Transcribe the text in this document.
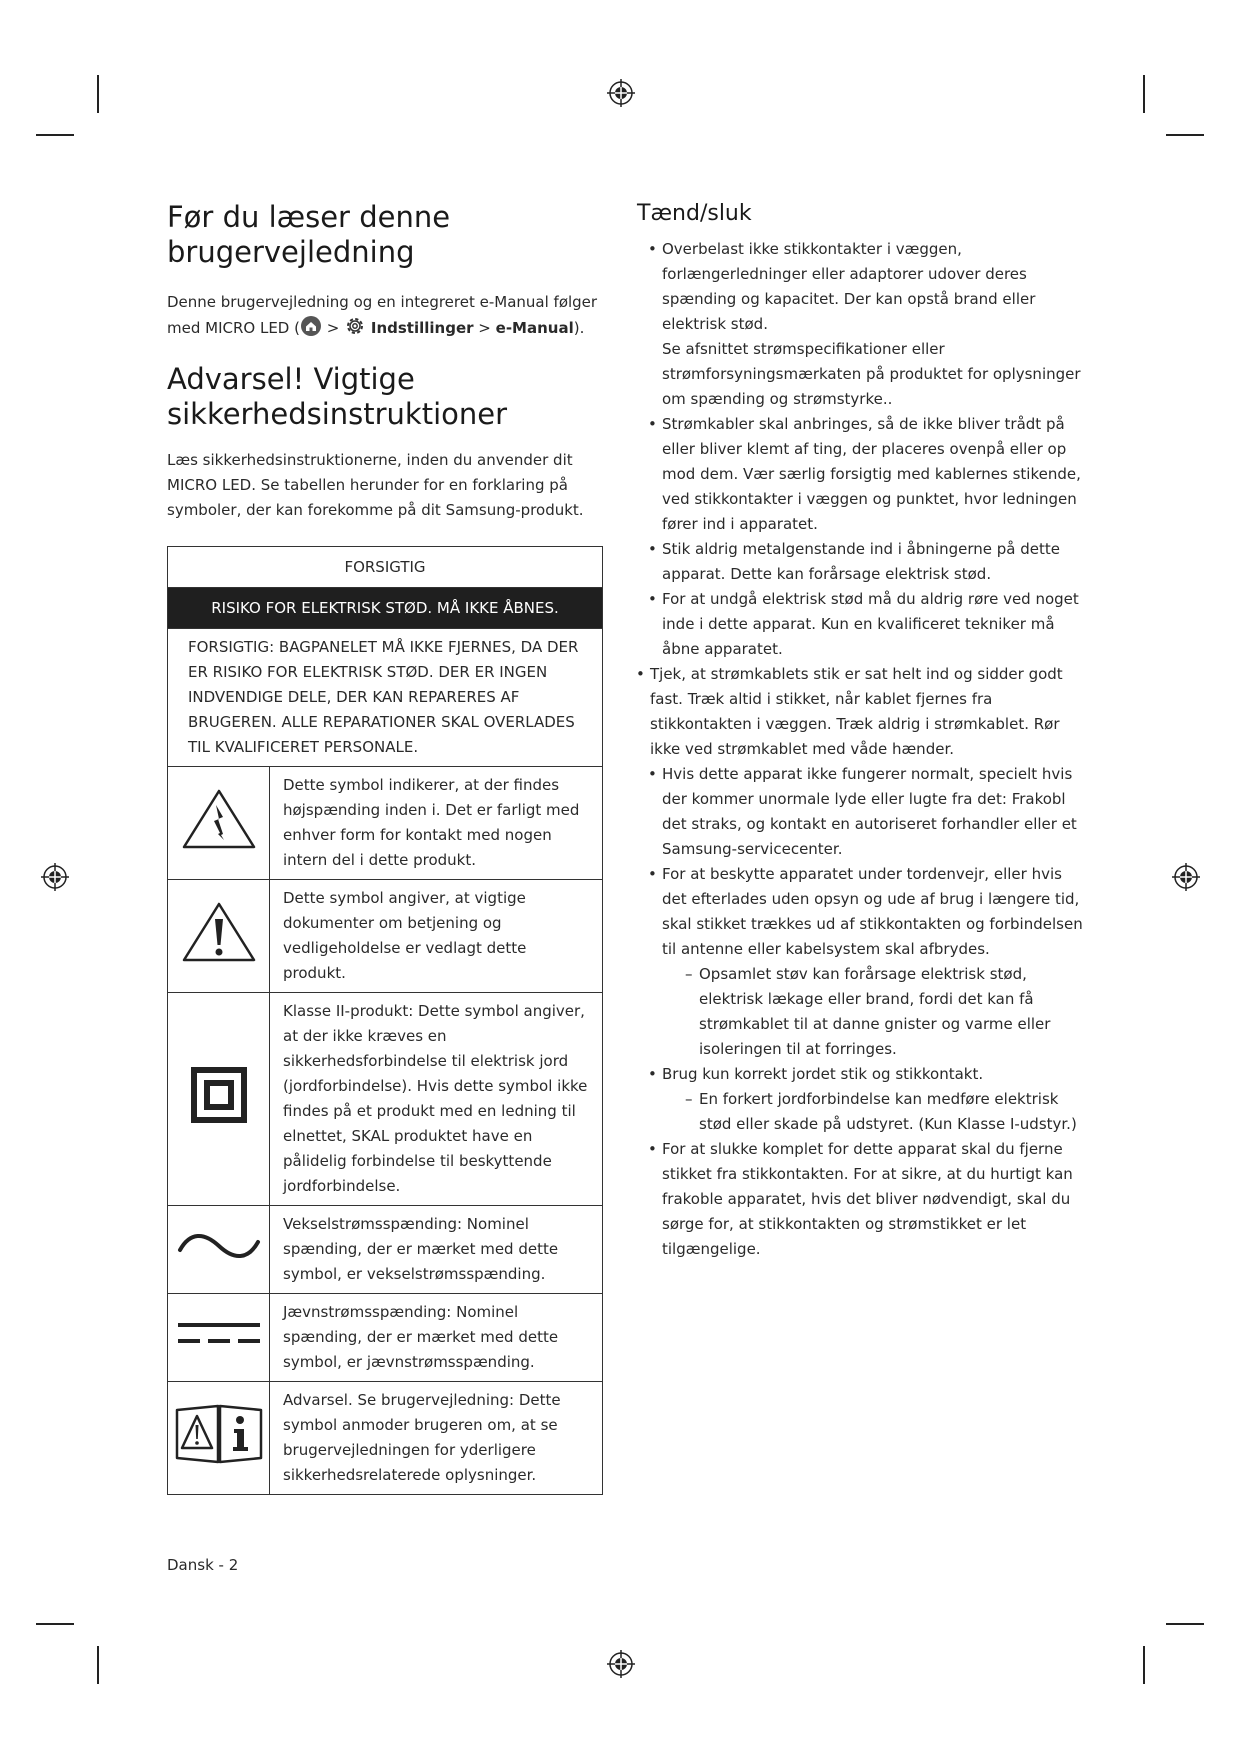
Før du læser denne brugervejledning

Denne brugervejledning og en integreret e-Manual følger med MICRO LED ( >  Indstillinger > e-Manual).

Advarsel! Vigtige sikkerhedsinstruktioner

Læs sikkerhedsinstruktionerne, inden du anvender dit MICRO LED. Se tabellen herunder for en forklaring på symboler, der kan forekomme på dit Samsung-produkt.

FORSIGTIG	
RISIKO FOR ELEKTRISK STØD. MÅ IKKE ÅBNES.	
FORSIGTIG: BAGPANELET MÅ IKKE FJERNES, DA DER ER RISIKO FOR ELEKTRISK STØD. DER ER INGEN INDVENDIGE DELE, DER KAN REPARERES AF BRUGEREN. ALLE REPARATIONER SKAL OVERLADES TIL KVALIFICERET PERSONALE.	
	Dette symbol indikerer, at der findes højspænding inden i. Det er farligt med enhver form for kontakt med nogen intern del i dette produkt.
	Dette symbol angiver, at vigtige dokumenter om betjening og vedligeholdelse er vedlagt dette produkt.
	Klasse II-produkt: Dette symbol angiver, at der ikke kræves en sikkerhedsforbindelse til elektrisk jord (jordforbindelse). Hvis dette symbol ikke findes på et produkt med en ledning til elnettet, SKAL produktet have en pålidelig forbindelse til beskyttende jordforbindelse.
	Vekselstrømsspænding: Nominel spænding, der er mærket med dette symbol, er vekselstrømsspænding.
	Jævnstrømsspænding: Nominel spænding, der er mærket med dette symbol, er jævnstrømsspænding.
	Advarsel. Se brugervejledning: Dette symbol anmoder brugeren om, at se brugervejledningen for yderligere sikkerhedsrelaterede oplysninger.
Tænd/sluk
• Overbelast ikke stikkontakter i væggen, forlængerledninger eller adaptorer udover deres spænding og kapacitet. Der kan opstå brand eller elektrisk stød.
Se afsnittet strømspecifikationer eller strømforsyningsmærkaten på produktet for oplysninger om spænding og strømstyrke..
• Strømkabler skal anbringes, så de ikke bliver trådt på eller bliver klemt af ting, der placeres ovenpå eller op mod dem. Vær særlig forsigtig med kablernes stikende, ved stikkontakter i væggen og punktet, hvor ledningen fører ind i apparatet.
• Stik aldrig metalgenstande ind i åbningerne på dette apparat. Dette kan forårsage elektrisk stød.
• For at undgå elektrisk stød må du aldrig røre ved noget inde i dette apparat. Kun en kvalificeret tekniker må åbne apparatet.
• Tjek, at strømkablets stik er sat helt ind og sidder godt fast. Træk altid i stikket, når kablet fjernes fra stikkontakten i væggen. Træk aldrig i strømkablet. Rør ikke ved strømkablet med våde hænder.
• Hvis dette apparat ikke fungerer normalt, specielt hvis der kommer unormale lyde eller lugte fra det: Frakobl det straks, og kontakt en autoriseret forhandler eller et Samsung-servicecenter.
• For at beskytte apparatet under tordenvejr, eller hvis det efterlades uden opsyn og ude af brug i længere tid, skal stikket trækkes ud af stikkontakten og forbindelsen til antenne eller kabelsystem skal afbrydes.
– Opsamlet støv kan forårsage elektrisk stød, elektrisk lækage eller brand, fordi det kan få strømkablet til at danne gnister og varme eller isoleringen til at forringes.
• Brug kun korrekt jordet stik og stikkontakt.
– En forkert jordforbindelse kan medføre elektrisk stød eller skade på udstyret. (Kun Klasse I-udstyr.)
• For at slukke komplet for dette apparat skal du fjerne stikket fra stikkontakten. For at sikre, at du hurtigt kan frakoble apparatet, hvis det bliver nødvendigt, skal du sørge for, at stikkontakten og strømstikket er let tilgængelige.
Dansk - 2
